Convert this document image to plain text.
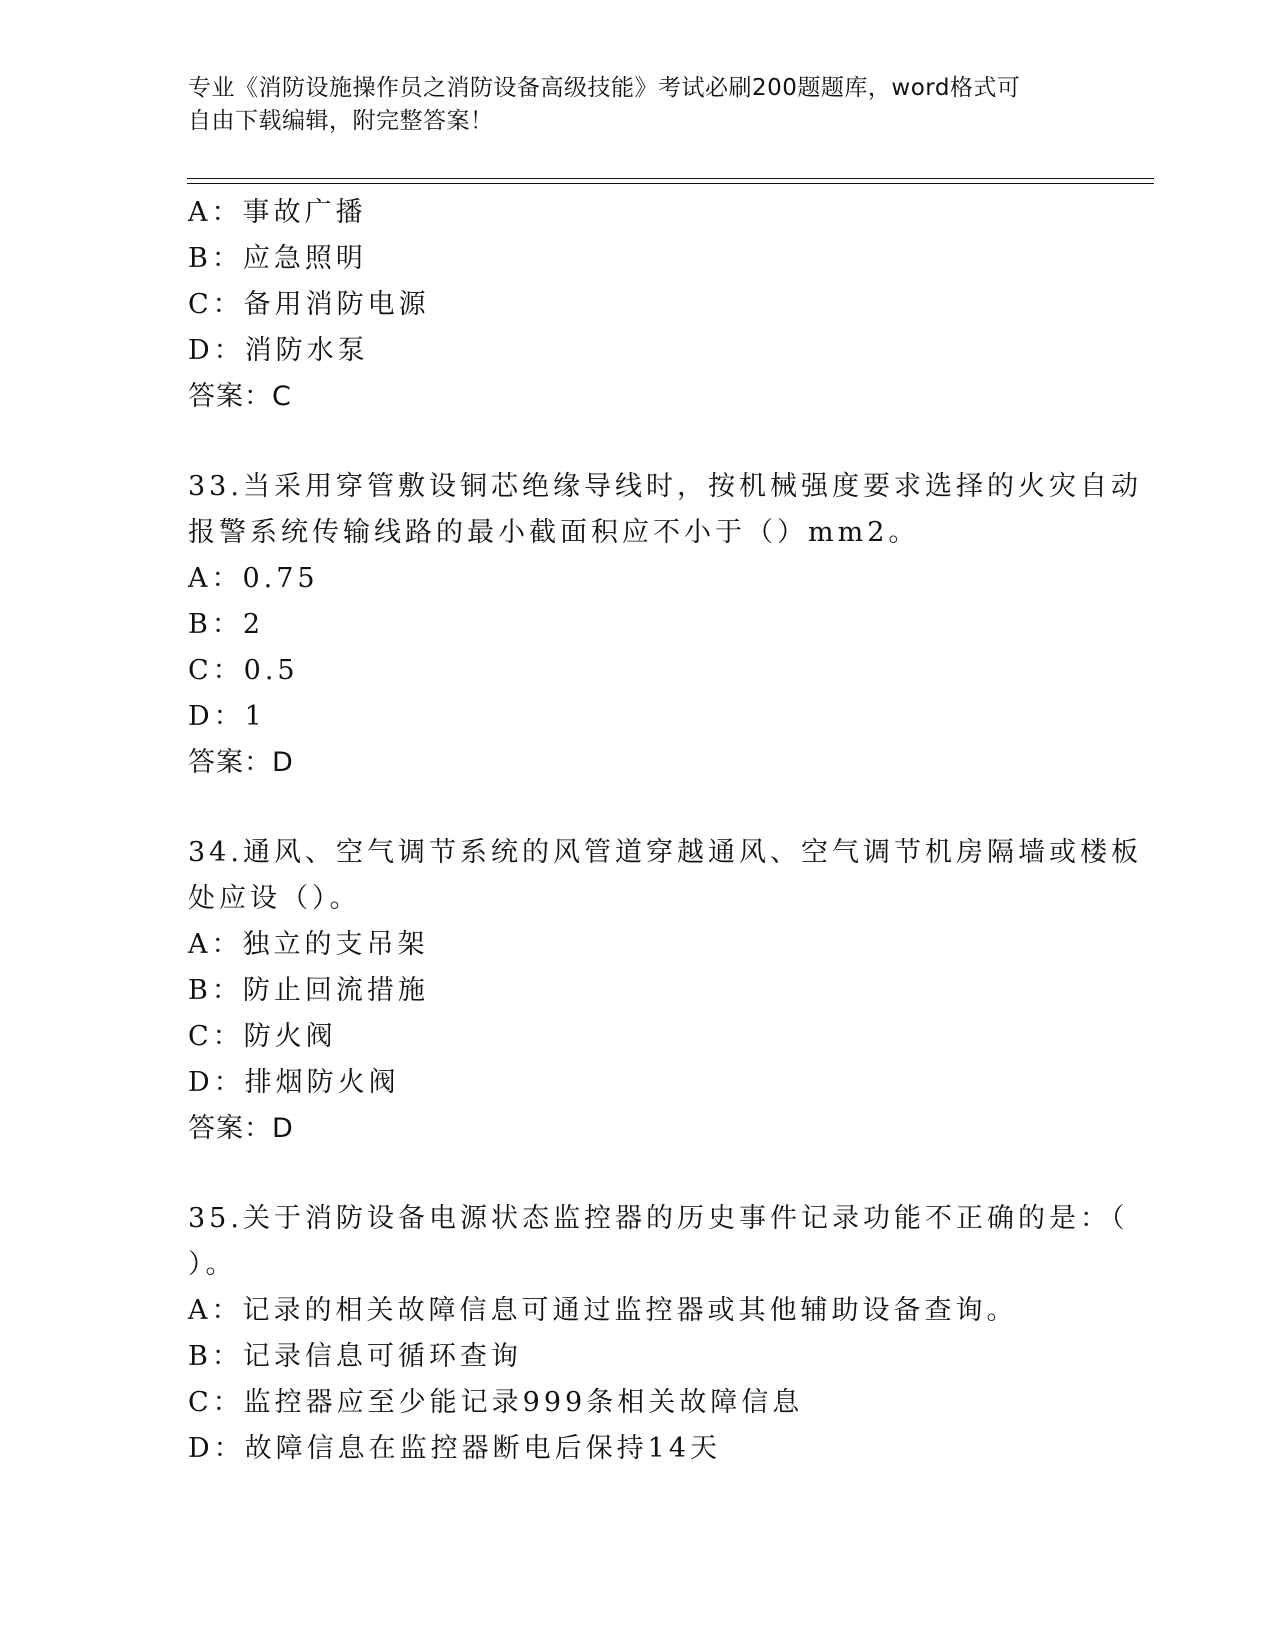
专业《消防设施操作员之消防设备高级技能》考试必刷200题题库，word格式可
自由下载编辑，附完整答案！
A：事故广播
B：应急照明
C：备用消防电源
D：消防水泵
答案：C
33.当采用穿管敷设铜芯绝缘导线时，按机械强度要求选择的火灾自动
报警系统传输线路的最小截面积应不小于（）mm2。
A：0.75
B：2
C：0.5
D：1
答案：D
34.通风、空气调节系统的风管道穿越通风、空气调节机房隔墙或楼板
处应设（）。
A：独立的支吊架
B：防止回流措施
C：防火阀
D：排烟防火阀
答案：D
35.关于消防设备电源状态监控器的历史事件记录功能不正确的是：（
）。
A：记录的相关故障信息可通过监控器或其他辅助设备查询。
B：记录信息可循环查询
C：监控器应至少能记录999条相关故障信息
D：故障信息在监控器断电后保持14天
